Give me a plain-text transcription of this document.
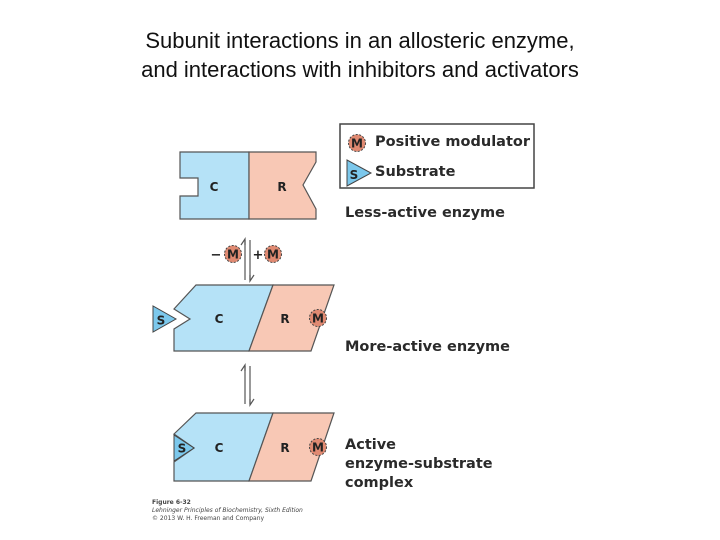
Subunit interactions in an allosteric enzyme,
and interactions with inhibitors and activators
M
S
C	R
− M + M
C	R M
S
S C	R M
Positive modulator
Substrate
Less-active enzyme
More-active enzyme
Active
enzyme-substrate
complex
Figure 6-32
Lehninger Principles of Biochemistry, Sixth Edition
© 2013 W. H. Freeman and Company
